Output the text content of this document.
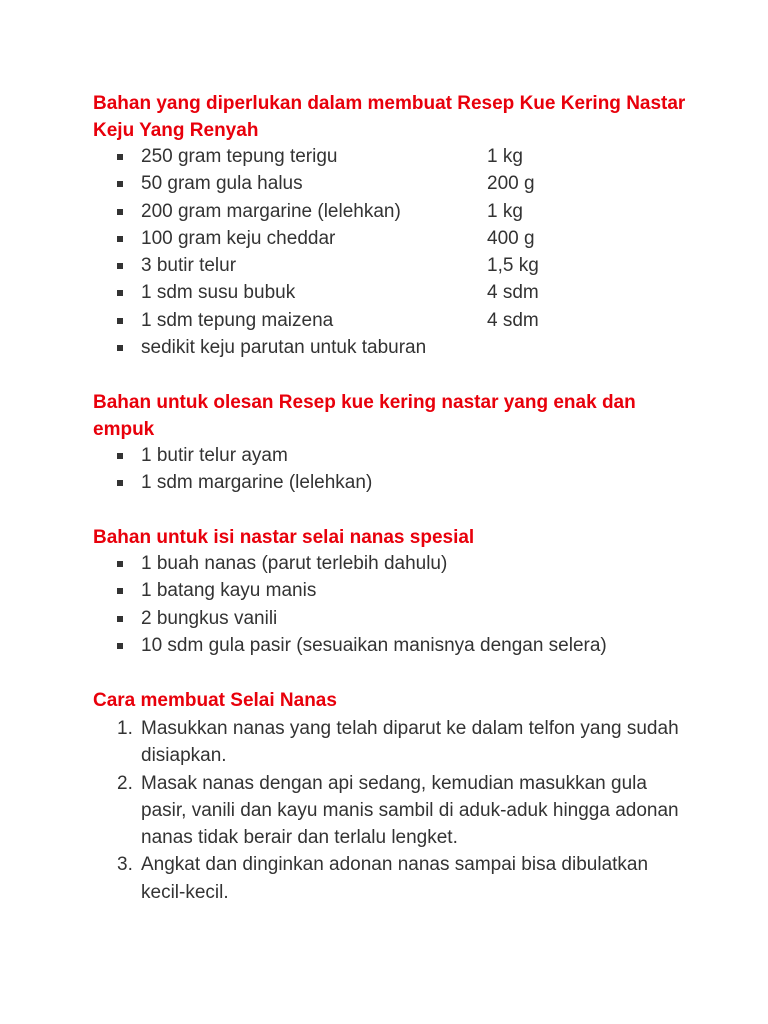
Bahan yang diperlukan dalam membuat Resep Kue Kering Nastar Keju Yang Renyah
250 gram tepung terigu	1 kg
50 gram gula halus	200 g
200 gram margarine (lelehkan)	1 kg
100 gram keju cheddar	400 g
3 butir telur	1,5 kg
1 sdm susu bubuk	4 sdm
1 sdm tepung maizena	4 sdm
sedikit keju parutan untuk taburan
Bahan untuk olesan Resep kue kering nastar yang enak dan empuk
1 butir telur ayam
1 sdm margarine (lelehkan)
Bahan untuk isi nastar selai nanas spesial
1 buah nanas (parut terlebih dahulu)
1 batang kayu manis
2 bungkus vanili
10 sdm gula pasir (sesuaikan manisnya dengan selera)
Cara membuat Selai Nanas
1. Masukkan nanas yang telah diparut ke dalam telfon yang sudah disiapkan.
2. Masak nanas dengan api sedang, kemudian masukkan gula pasir, vanili dan kayu manis sambil di aduk-aduk hingga adonan nanas tidak berair dan terlalu lengket.
3. Angkat dan dinginkan adonan nanas sampai bisa dibulatkan kecil-kecil.
